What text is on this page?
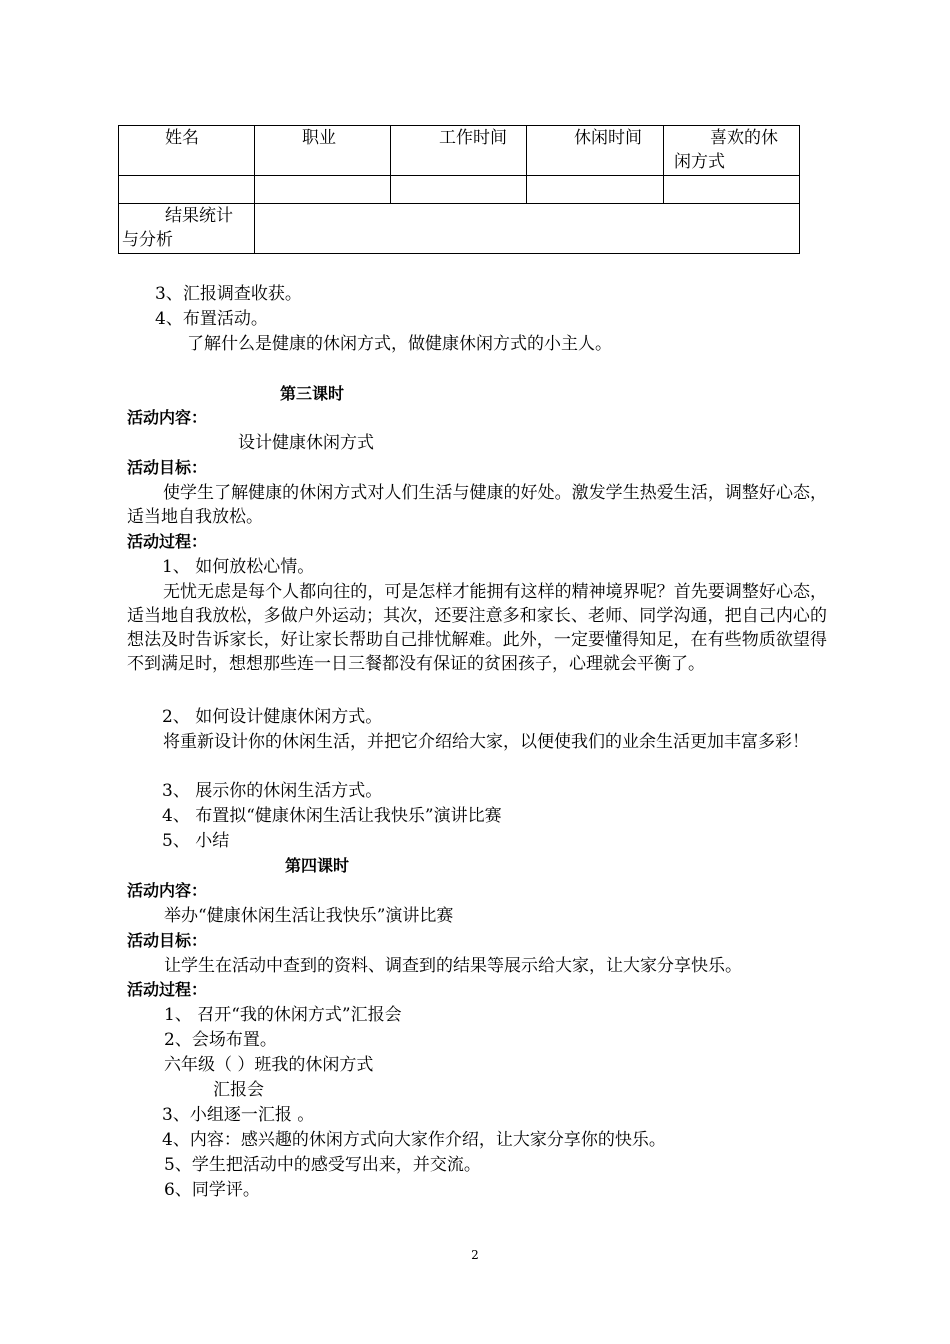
姓名	职业	工作时间	休闲时间	喜欢的休闲方式

结果统计与分析				
3、汇报调查收获。
4、布置活动。
了解什么是健康的休闲方式，做健康休闲方式的小主人。
第三课时
活动内容：
设计健康休闲方式
活动目标：
使学生了解健康的休闲方式对人们生活与健康的好处。激发学生热爱生活，调整好心态，适当地自我放松。
活动过程：
1、 如何放松心情。
无忧无虑是每个人都向往的，可是怎样才能拥有这样的精神境界呢？首先要调整好心态，适当地自我放松，多做户外运动；其次，还要注意多和家长、老师、同学沟通，把自己内心的想法及时告诉家长，好让家长帮助自己排忧解难。此外，一定要懂得知足，在有些物质欲望得不到满足时，想想那些连一日三餐都没有保证的贫困孩子，心理就会平衡了。
2、 如何设计健康休闲方式。
将重新设计你的休闲生活，并把它介绍给大家，以便使我们的业余生活更加丰富多彩！
3、 展示你的休闲生活方式。
4、 布置拟“健康休闲生活让我快乐”演讲比赛
5、 小结
第四课时
活动内容：
举办“健康休闲生活让我快乐”演讲比赛
活动目标：
让学生在活动中查到的资料、调查到的结果等展示给大家，让大家分享快乐。
活动过程：
1、 召开“我的休闲方式”汇报会
2、会场布置。
六年级（ ）班我的休闲方式
汇报会
3、小组逐一汇报 。
4、内容：感兴趣的休闲方式向大家作介绍，让大家分享你的快乐。
5、学生把活动中的感受写出来，并交流。
6、同学评。
2
